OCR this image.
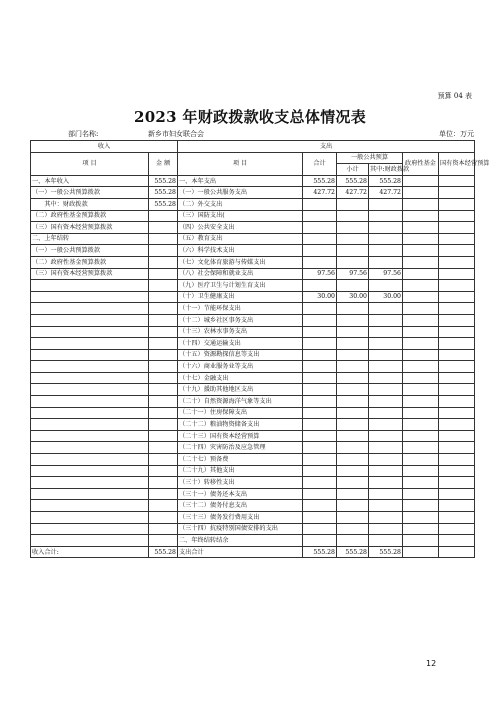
预算 04 表
2023 年财政拨款收支总体情况表
部门名称:	新乡市妇女联合会	单位：万元
收入		支出					
项 目	金 额	项 目	合计	一般公共预算		政府性基金	国有资本经营预算
				小计	其中:财政拨款		
一、本年收入	555.28	一、本年支出	555.28	555.28	555.28		
（一）一般公共预算拨款	555.28	（一）一般公共服务支出	427.72	427.72	427.72		
　　其中：财政拨款	555.28	（二）外交支出					
（二）政府性基金预算拨款		（三）国防支出(					
（三）国有资本经营预算拨款		（四）公共安全支出					
二、上年结转		（五）教育支出					
（一）一般公共预算拨款		（六）科学技术支出					
（二）政府性基金预算拨款		（七）文化体育旅游与传媒支出					
（三）国有资本经营预算拨款		（八）社会保障和就业支出	97.56	97.56	97.56		
		（九）医疗卫生与计划生育支出					
		（十）卫生健康支出	30.00	30.00	30.00		
		（十一）节能环保支出					
		（十二）城乡社区事务支出					
		（十三）农林水事务支出					
		（十四）交通运输支出					
		（十五）资源勘探信息等支出					
		（十六）商业服务业等支出					
		（十七）金融支出					
		（十九）援助其他地区支出					
		（二十）自然资源海洋气象等支出					
		（二十一）住房保障支出					
		（二十二）粮油物资储备支出					
		（二十三）国有资本经营预算					
		（二十四）灾害防治及应急管理					
		（二十七）预备费					
		（二十九）其他支出					
		（三十）转移性支出					
		（三十一）债务还本支出					
		（三十二）债务付息支出					
		（三十三）债务发行费用支出					
		（三十四）抗疫特别国债安排的支出					
		二、年终结转结余					
收入合计:	555.28	支出合计	555.28	555.28	555.28		
12
